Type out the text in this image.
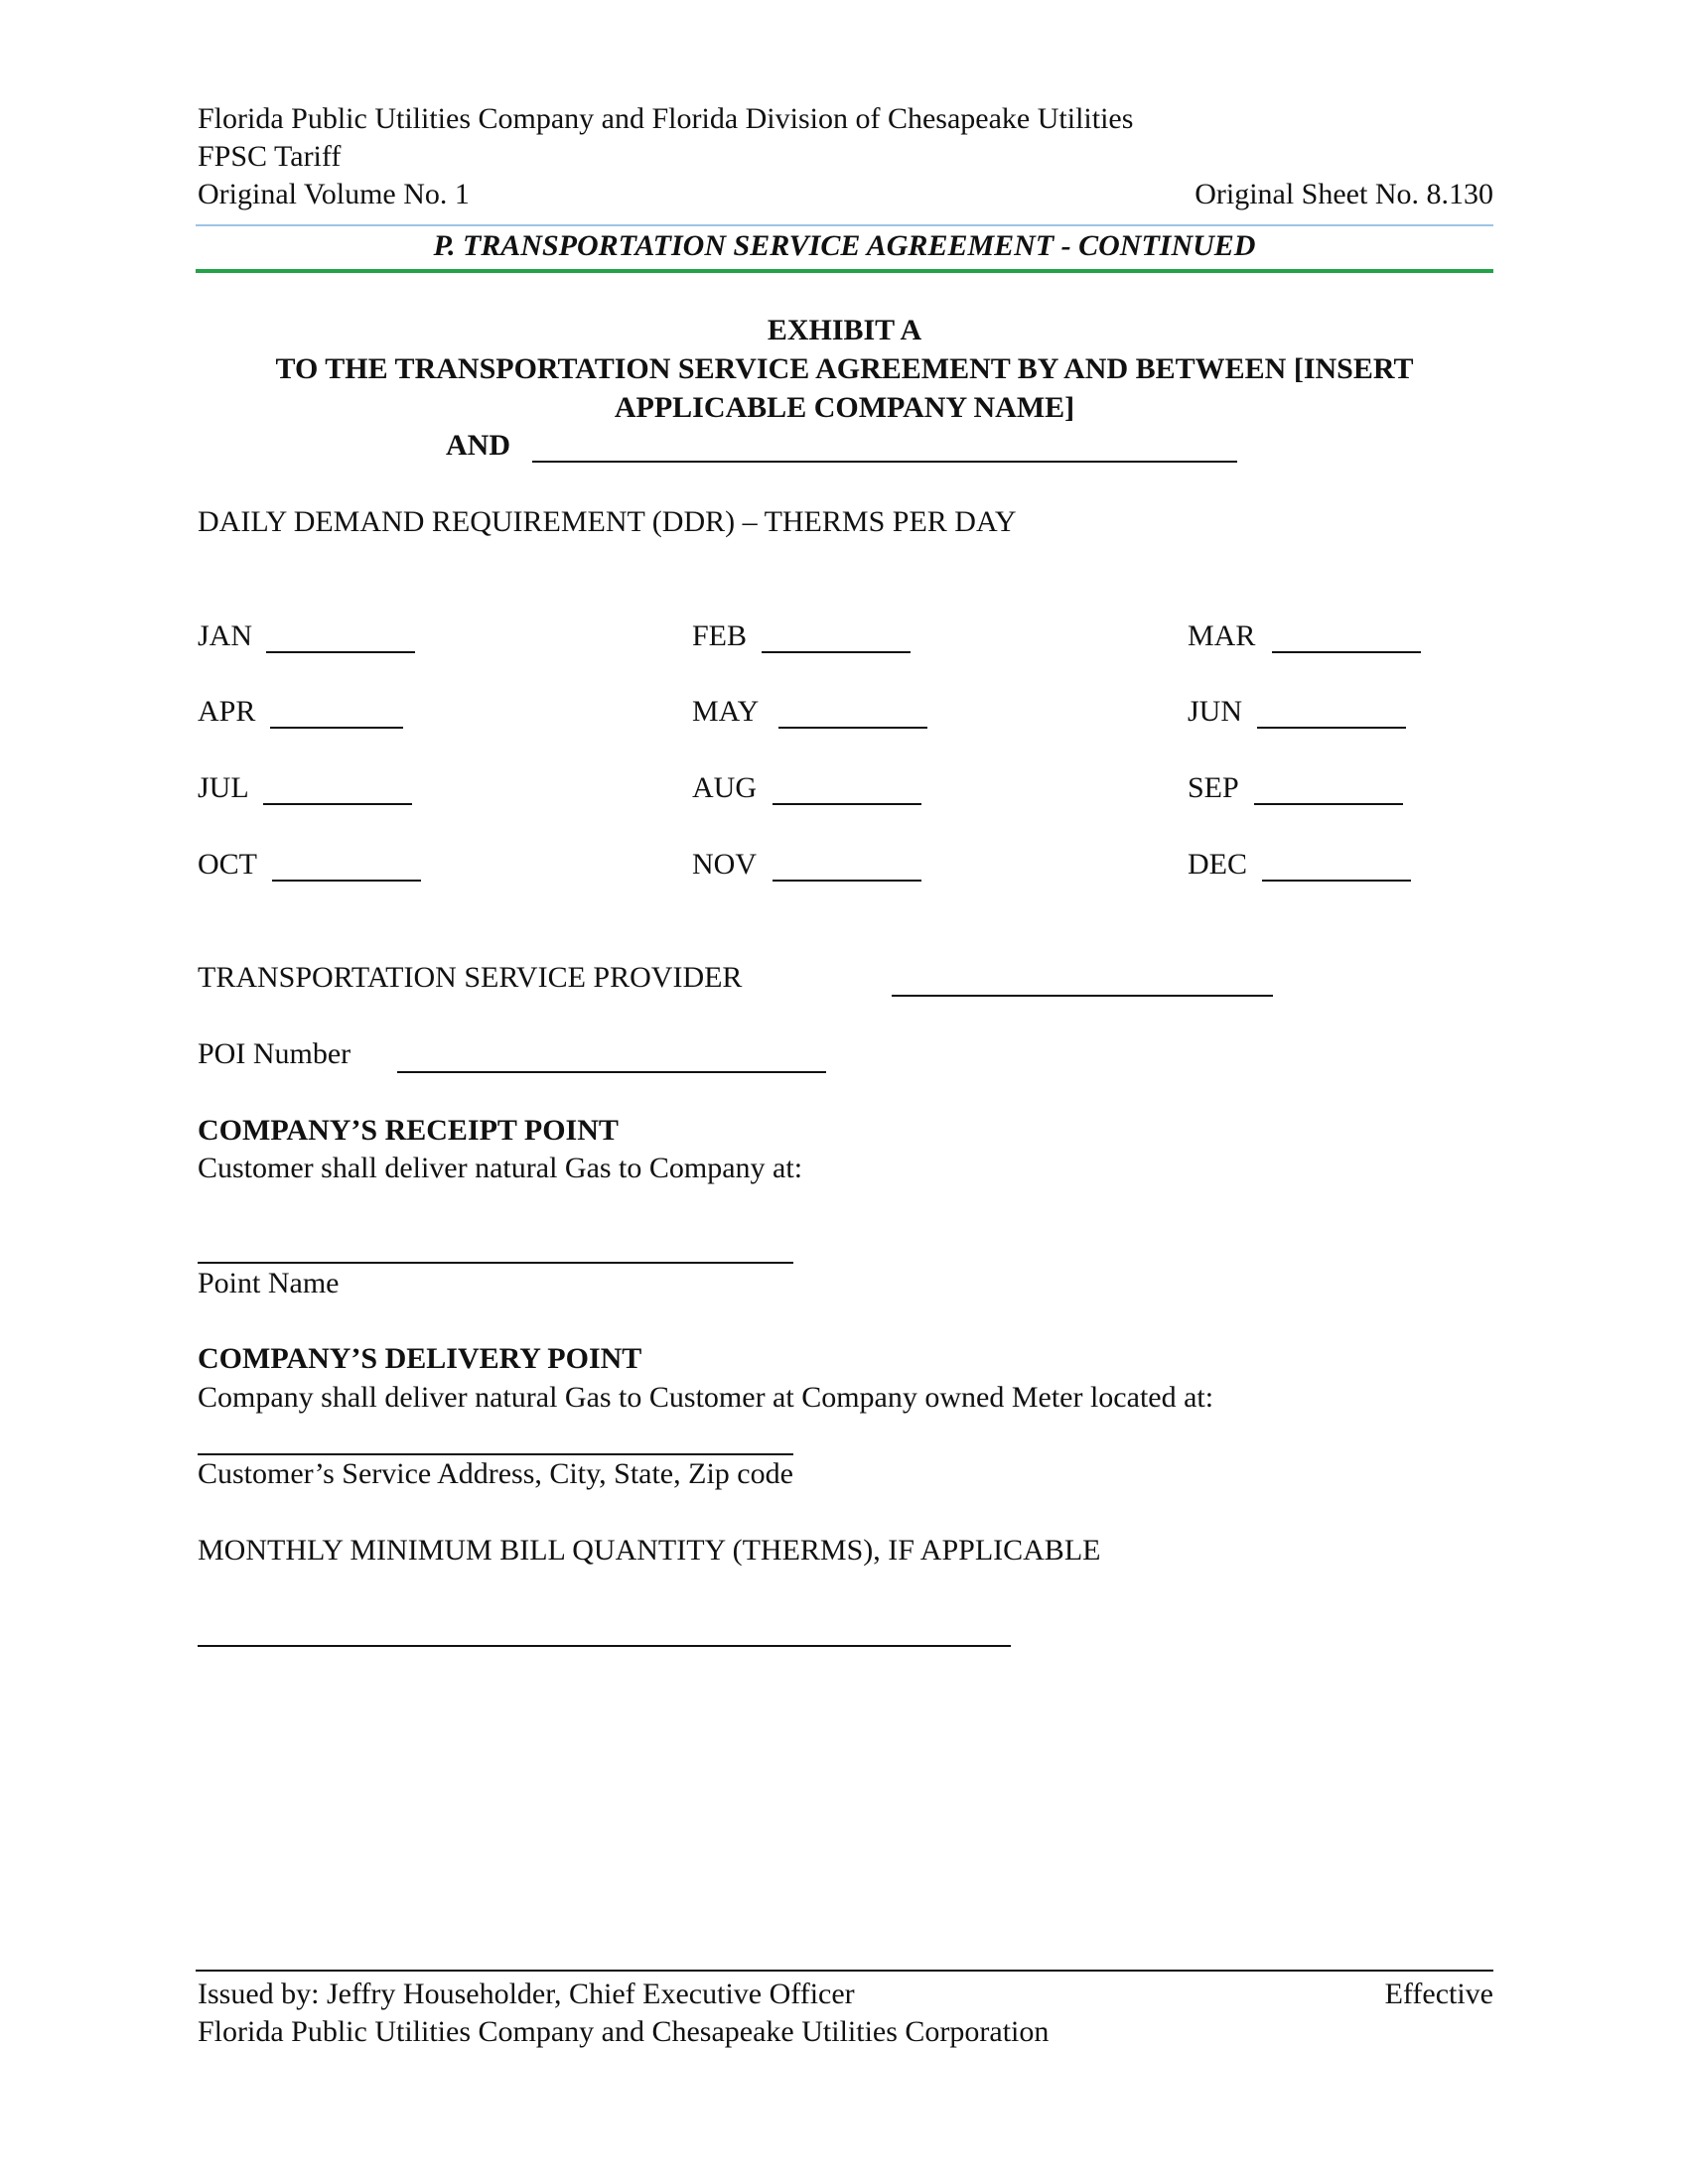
Florida Public Utilities Company and Florida Division of Chesapeake Utilities

FPSC Tariff

Original Volume No. 1	Original Sheet No. 8.130

P. TRANSPORTATION SERVICE AGREEMENT - CONTINUED

EXHIBIT A

TO THE TRANSPORTATION SERVICE AGREEMENT BY AND BETWEEN [INSERT

APPLICABLE COMPANY NAME]

AND

DAILY DEMAND REQUIREMENT (DDR) – THERMS PER DAY

JAN	FEB	MAR

APR	MAY	JUN

JUL	AUG	SEP

OCT	NOV	DEC

TRANSPORTATION SERVICE PROVIDER

POI Number

COMPANY’S RECEIPT POINT

Customer shall deliver natural Gas to Company at:

Point Name

COMPANY’S DELIVERY POINT

Company shall deliver natural Gas to Customer at Company owned Meter located at:

Customer’s Service Address, City, State, Zip code

MONTHLY MINIMUM BILL QUANTITY (THERMS), IF APPLICABLE

Issued by: Jeffry Householder, Chief Executive Officer	Effective

Florida Public Utilities Company and Chesapeake Utilities Corporation
